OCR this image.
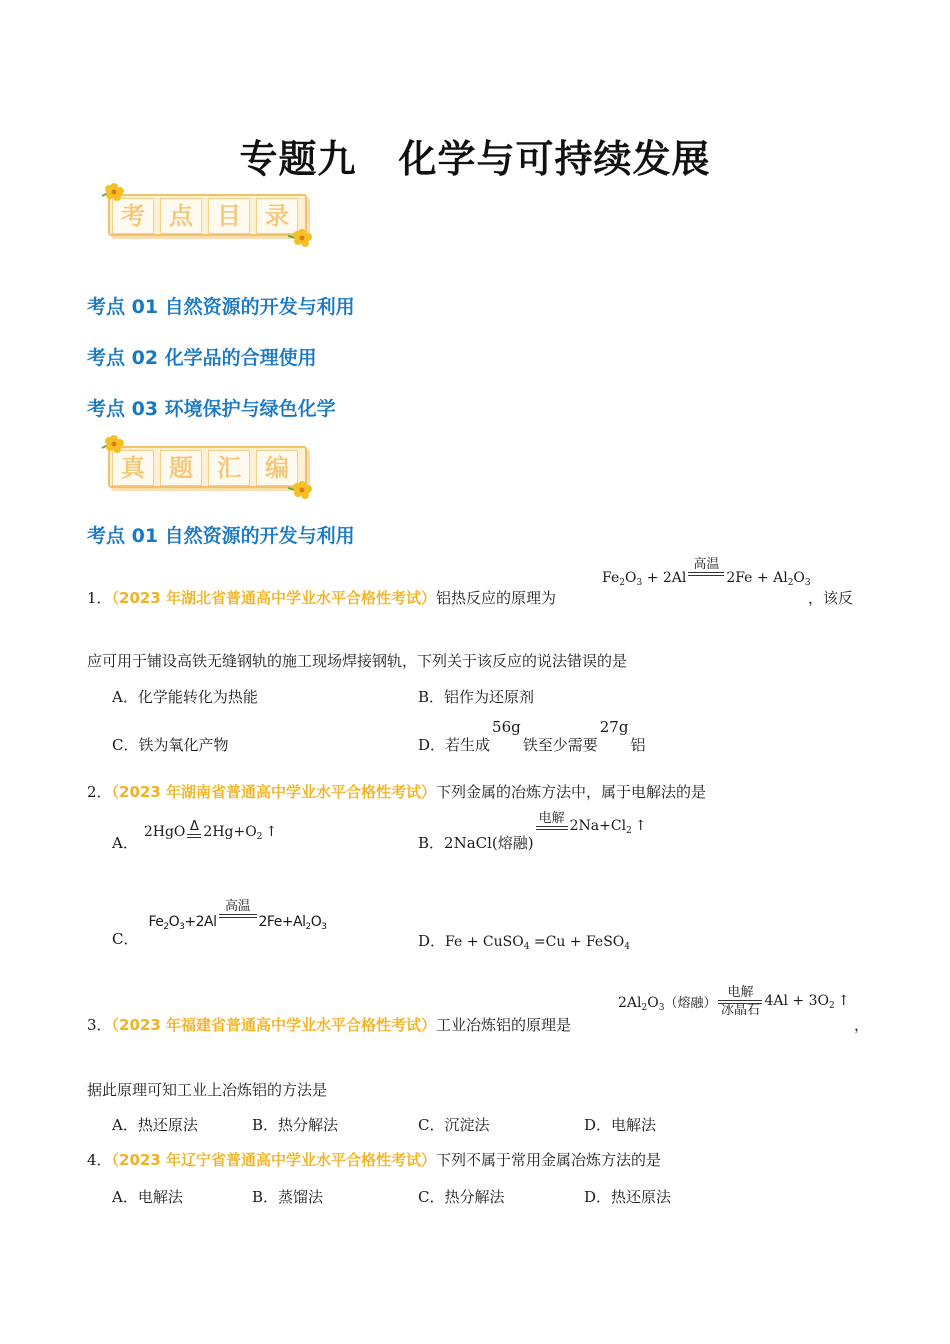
专题九 化学与可持续发展
考	点	目	录
考点 01 自然资源的开发与利用
考点 02 化学品的合理使用
考点 03 环境保护与绿色化学
真	题	汇	编
考点 01 自然资源的开发与利用
1．（2023 年湖北省普通高中学业水平合格性考试）铝热反应的原理为
$Fe_2O_3 + 2Al$
高温

$2Fe + Al_2O_3$
，该反
应可用于铺设高铁无缝钢轨的施工现场焊接钢轨，下列关于该反应的说法错误的是
A．化学能转化为热能	B．铝作为还原剂
C．铁为氧化产物	D．若生成56g铁至少需要27g铝
2．（2023 年湖南省普通高中学业水平合格性考试）下列金属的冶炼方法中，属于电解法的是
A．2HgO Δ $2Hg+O_2$ ↑
B．2NaCl(熔融)
电解
$2Na+Cl_2$ ↑
C．$Fe_2O_3+2Al$
高温

$2Fe+Al_2O_3$
D．Fe + CuSO$_4$ =Cu + FeSO$_4$
3．（2023 年福建省普通高中学业水平合格性考试）工业冶炼铝的原理是
$2Al_2O_3$（熔融）
电解
冰晶石
$4Al + 3O_2$ ↑
，
据此原理可知工业上冶炼铝的方法是
A．热还原法	B．热分解法	C．沉淀法	D．电解法
4．（2023 年辽宁省普通高中学业水平合格性考试）下列不属于常用金属冶炼方法的是
A．电解法	B．蒸馏法	C．热分解法	D．热还原法
